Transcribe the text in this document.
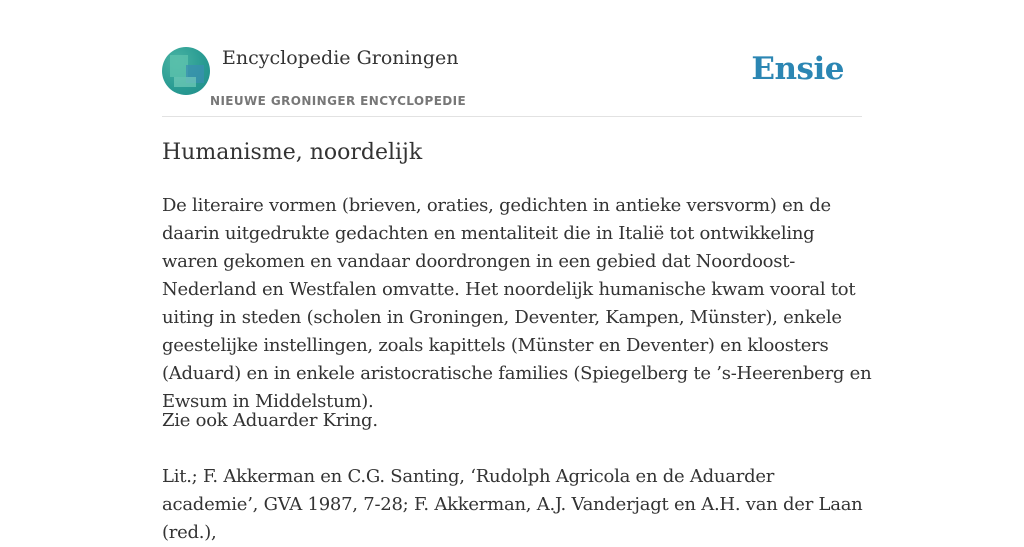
Encyclopedie Groningen
NIEUWE GRONINGER ENCYCLOPEDIE
Ensie
Humanisme, noordelijk

De literaire vormen (brieven, oraties, gedichten in antieke versvorm) en de daarin uitgedrukte gedachten en mentaliteit die in Italië tot ontwikkeling waren gekomen en vandaar doordrongen in een gebied dat Noordoost-Nederland en Westfalen omvatte. Het noordelijk humanische kwam vooral tot uiting in steden (scholen in Groningen, Deventer, Kampen, Münster), enkele geestelijke instellingen, zoals kapittels (Münster en Deventer) en kloosters (Aduard) en in enkele aristocratische families (Spiegelberg te ’s-Heerenberg en Ewsum in Middelstum).

Zie ook Aduarder Kring.

Lit.; F. Akkerman en C.G. Santing, ‘Rudolph Agricola en de Aduarder academie’, GVA 1987, 7-28; F. Akkerman, A.J. Vanderjagt en A.H. van der Laan (red.),
